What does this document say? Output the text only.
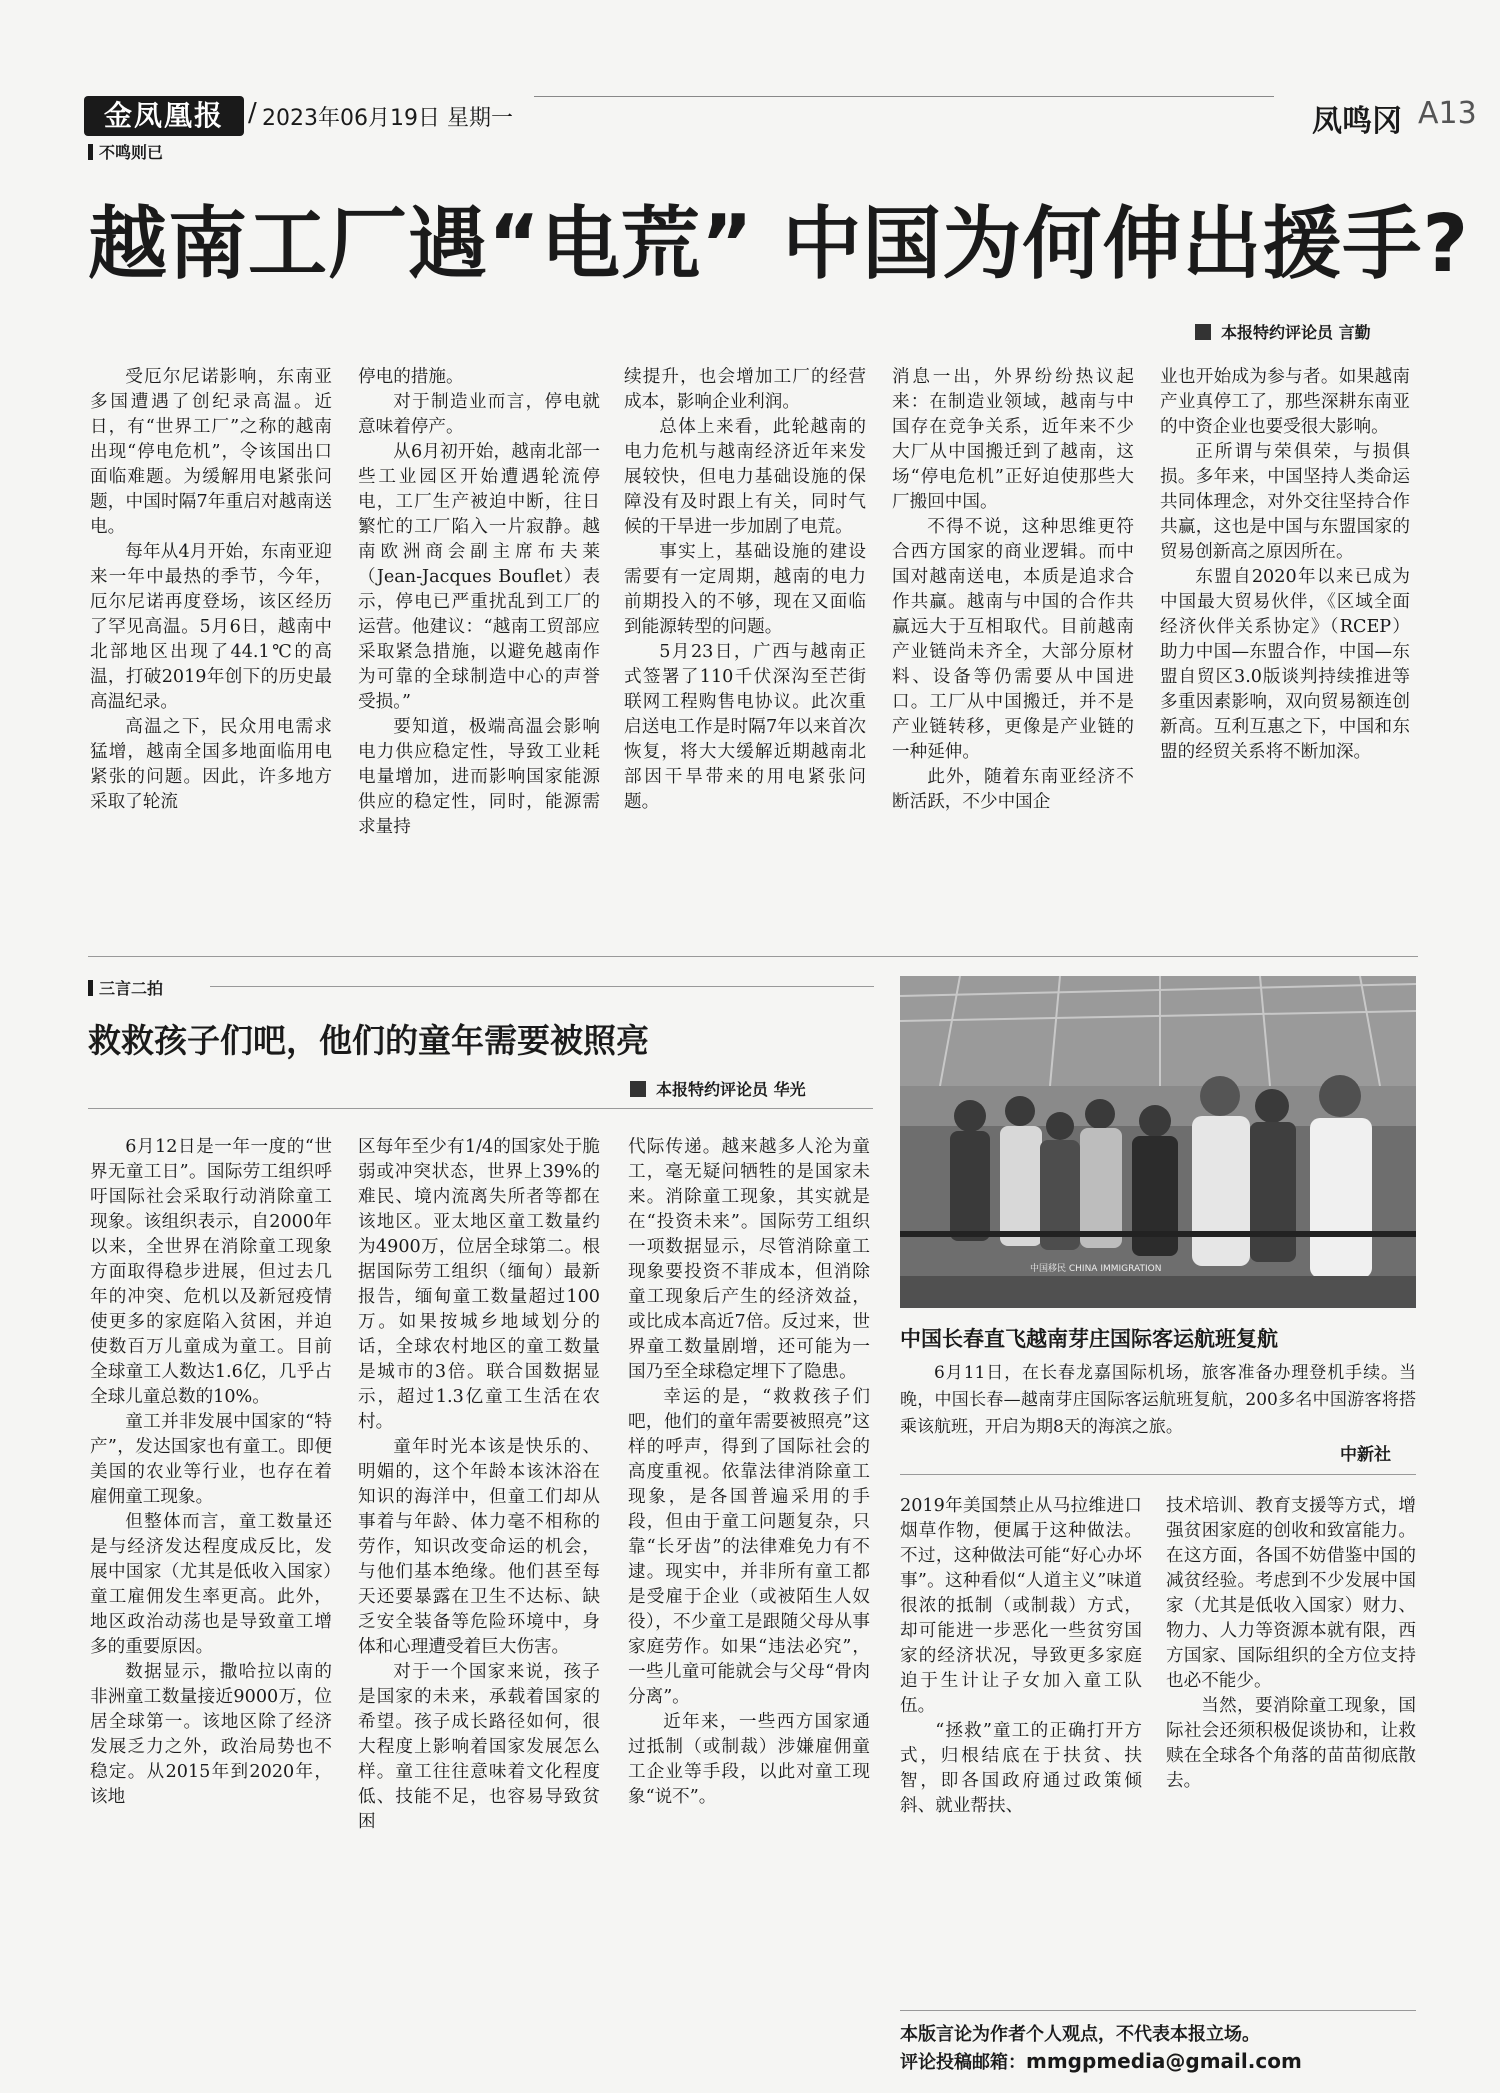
金凤凰报 / 2023年06月19日 星期一	凤鸣冈 A13
不鸣则已
越南工厂遇“电荒” 中国为何伸出援手?
本报特约评论员 言勤

受厄尔尼诺影响，东南亚多国遭遇了创纪录高温。近日，有“世界工厂”之称的越南出现“停电危机”，令该国出口面临难题。为缓解用电紧张问题，中国时隔7年重启对越南送电。

每年从4月开始，东南亚迎来一年中最热的季节，今年，厄尔尼诺再度登场，该区经历了罕见高温。5月6日，越南中北部地区出现了44.1℃的高温，打破2019年创下的历史最高温纪录。

高温之下，民众用电需求猛增，越南全国多地面临用电紧张的问题。因此，许多地方采取了轮流

停电的措施。

对于制造业而言，停电就意味着停产。

从6月初开始，越南北部一些工业园区开始遭遇轮流停电，工厂生产被迫中断，往日繁忙的工厂陷入一片寂静。越南欧洲商会副主席布夫莱（Jean-Jacques Bouflet）表示，停电已严重扰乱到工厂的运营。他建议：“越南工贸部应采取紧急措施，以避免越南作为可靠的全球制造中心的声誉受损。”

要知道，极端高温会影响电力供应稳定性，导致工业耗电量增加，进而影响国家能源供应的稳定性，同时，能源需求量持

续提升，也会增加工厂的经营成本，影响企业利润。

总体上来看，此轮越南的电力危机与越南经济近年来发展较快，但电力基础设施的保障没有及时跟上有关，同时气候的干旱进一步加剧了电荒。

事实上，基础设施的建设需要有一定周期，越南的电力前期投入的不够，现在又面临到能源转型的问题。

5月23日，广西与越南正式签署了110千伏深沟至芒街联网工程购售电协议。此次重启送电工作是时隔7年以来首次恢复，将大大缓解近期越南北部因干旱带来的用电紧张问题。

消息一出，外界纷纷热议起来：在制造业领域，越南与中国存在竞争关系，近年来不少大厂从中国搬迁到了越南，这场“停电危机”正好迫使那些大厂搬回中国。

不得不说，这种思维更符合西方国家的商业逻辑。而中国对越南送电，本质是追求合作共赢。越南与中国的合作共赢远大于互相取代。目前越南产业链尚未齐全，大部分原材料、设备等仍需要从中国进口。工厂从中国搬迁，并不是产业链转移，更像是产业链的一种延伸。

此外，随着东南亚经济不断活跃，不少中国企

业也开始成为参与者。如果越南产业真停工了，那些深耕东南亚的中资企业也要受很大影响。

正所谓与荣俱荣，与损俱损。多年来，中国坚持人类命运共同体理念，对外交往坚持合作共赢，这也是中国与东盟国家的贸易创新高之原因所在。

东盟自2020年以来已成为中国最大贸易伙伴，《区域全面经济伙伴关系协定》（RCEP）助力中国—东盟合作，中国—东盟自贸区3.0版谈判持续推进等多重因素影响，双向贸易额连创新高。互利互惠之下，中国和东盟的经贸关系将不断加深。

三言二拍
救救孩子们吧，他们的童年需要被照亮
本报特约评论员 华光

6月12日是一年一度的“世界无童工日”。国际劳工组织呼吁国际社会采取行动消除童工现象。该组织表示，自2000年以来，全世界在消除童工现象方面取得稳步进展，但过去几年的冲突、危机以及新冠疫情使更多的家庭陷入贫困，并迫使数百万儿童成为童工。目前全球童工人数达1.6亿，几乎占全球儿童总数的10%。

童工并非发展中国家的“特产”，发达国家也有童工。即便美国的农业等行业，也存在着雇佣童工现象。

但整体而言，童工数量还是与经济发达程度成反比，发展中国家（尤其是低收入国家）童工雇佣发生率更高。此外，地区政治动荡也是导致童工增多的重要原因。

数据显示，撒哈拉以南的非洲童工数量接近9000万，位居全球第一。该地区除了经济发展乏力之外，政治局势也不稳定。从2015年到2020年，该地

区每年至少有1/4的国家处于脆弱或冲突状态，世界上39%的难民、境内流离失所者等都在该地区。亚太地区童工数量约为4900万，位居全球第二。根据国际劳工组织（缅甸）最新报告，缅甸童工数量超过100万。如果按城乡地域划分的话，全球农村地区的童工数量是城市的3倍。联合国数据显示，超过1.3亿童工生活在农村。

童年时光本该是快乐的、明媚的，这个年龄本该沐浴在知识的海洋中，但童工们却从事着与年龄、体力毫不相称的劳作，知识改变命运的机会，与他们基本绝缘。他们甚至每天还要暴露在卫生不达标、缺乏安全装备等危险环境中，身体和心理遭受着巨大伤害。

对于一个国家来说，孩子是国家的未来，承载着国家的希望。孩子成长路径如何，很大程度上影响着国家发展怎么样。童工往往意味着文化程度低、技能不足，也容易导致贫困

代际传递。越来越多人沦为童工，毫无疑问牺牲的是国家未来。消除童工现象，其实就是在“投资未来”。国际劳工组织一项数据显示，尽管消除童工现象要投资不菲成本，但消除童工现象后产生的经济效益，或比成本高近7倍。反过来，世界童工数量剧增，还可能为一国乃至全球稳定埋下了隐患。

幸运的是，“救救孩子们吧，他们的童年需要被照亮”这样的呼声，得到了国际社会的高度重视。依靠法律消除童工现象，是各国普遍采用的手段，但由于童工问题复杂，只靠“长牙齿”的法律难免力有不逮。现实中，并非所有童工都是受雇于企业（或被陌生人奴役），不少童工是跟随父母从事家庭劳作。如果“违法必究”，一些儿童可能就会与父母“骨肉分离”。

近年来，一些西方国家通过抵制（或制裁）涉嫌雇佣童工企业等手段，以此对童工现象“说不”。

2019年美国禁止从马拉维进口烟草作物，便属于这种做法。不过，这种做法可能“好心办坏事”。这种看似“人道主义”味道很浓的抵制（或制裁）方式，却可能进一步恶化一些贫穷国家的经济状况，导致更多家庭迫于生计让子女加入童工队伍。

“拯救”童工的正确打开方式，归根结底在于扶贫、扶智，即各国政府通过政策倾斜、就业帮扶、

技术培训、教育支援等方式，增强贫困家庭的创收和致富能力。在这方面，各国不妨借鉴中国的减贫经验。考虑到不少发展中国家（尤其是低收入国家）财力、物力、人力等资源本就有限，西方国家、国际组织的全方位支持也必不能少。

当然，要消除童工现象，国际社会还须积极促谈协和，让救赎在全球各个角落的苗苗彻底散去。

中国移民 CHINA IMMIGRATION
中国长春直飞越南芽庄国际客运航班复航
6月11日，在长春龙嘉国际机场，旅客准备办理登机手续。当晚，中国长春—越南芽庄国际客运航班复航，200多名中国游客将搭乘该航班，开启为期8天的海滨之旅。
中新社
本版言论为作者个人观点，不代表本报立场。
评论投稿邮箱：mmgpmedia@gmail.com
